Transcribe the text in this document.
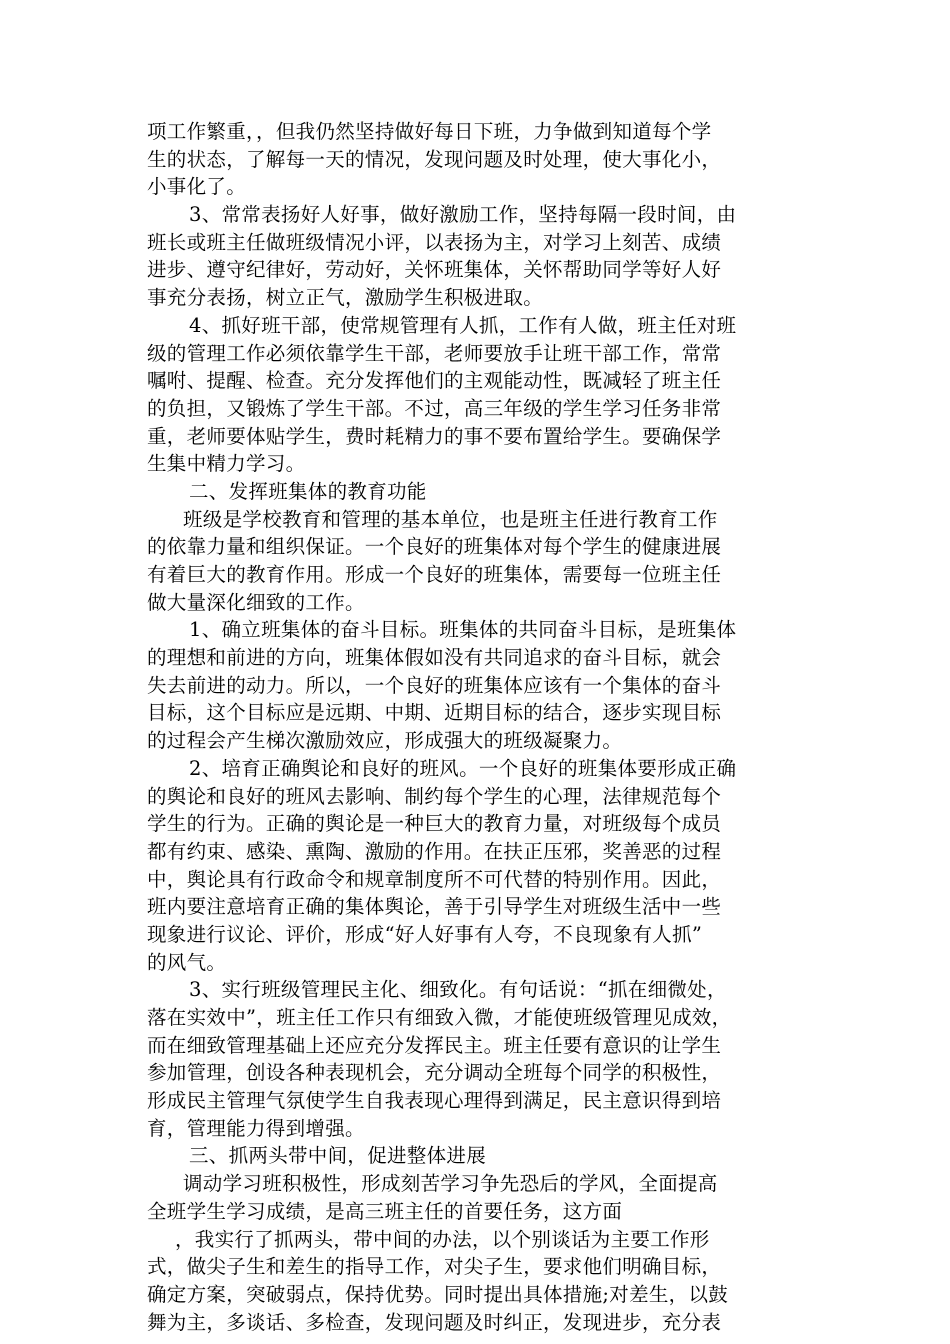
项工作繁重，，但我仍然坚持做好每日下班，力争做到知道每个学
生的状态，了解每一天的情况，发现问题及时处理，使大事化小，
小事化了。
3、常常表扬好人好事，做好激励工作，坚持每隔一段时间，由
班长或班主任做班级情况小评，以表扬为主，对学习上刻苦、成绩
进步、遵守纪律好，劳动好，关怀班集体，关怀帮助同学等好人好
事充分表扬，树立正气，激励学生积极进取。
4、抓好班干部，使常规管理有人抓，工作有人做，班主任对班
级的管理工作必须依靠学生干部，老师要放手让班干部工作，常常
嘱咐、提醒、检查。充分发挥他们的主观能动性，既减轻了班主任
的负担，又锻炼了学生干部。不过，高三年级的学生学习任务非常
重，老师要体贴学生，费时耗精力的事不要布置给学生。要确保学
生集中精力学习。
二、发挥班集体的教育功能
班级是学校教育和管理的基本单位，也是班主任进行教育工作
的依靠力量和组织保证。一个良好的班集体对每个学生的健康进展
有着巨大的教育作用。形成一个良好的班集体，需要每一位班主任
做大量深化细致的工作。
1、确立班集体的奋斗目标。班集体的共同奋斗目标，是班集体
的理想和前进的方向，班集体假如没有共同追求的奋斗目标，就会
失去前进的动力。所以，一个良好的班集体应该有一个集体的奋斗
目标，这个目标应是远期、中期、近期目标的结合，逐步实现目标
的过程会产生梯次激励效应，形成强大的班级凝聚力。
2、培育正确舆论和良好的班风。一个良好的班集体要形成正确
的舆论和良好的班风去影响、制约每个学生的心理，法律规范每个
学生的行为。正确的舆论是一种巨大的教育力量，对班级每个成员
都有约束、感染、熏陶、激励的作用。在扶正压邪，奖善恶的过程
中，舆论具有行政命令和规章制度所不可代替的特别作用。因此，
班内要注意培育正确的集体舆论，善于引导学生对班级生活中一些
现象进行议论、评价，形成“好人好事有人夸，不良现象有人抓”
的风气。
3、实行班级管理民主化、细致化。有句话说：“抓在细微处，
落在实效中”，班主任工作只有细致入微，才能使班级管理见成效，
而在细致管理基础上还应充分发挥民主。班主任要有意识的让学生
参加管理，创设各种表现机会，充分调动全班每个同学的积极性，
形成民主管理气氛使学生自我表现心理得到满足，民主意识得到培
育，管理能力得到增强。
三、抓两头带中间，促进整体进展
调动学习班积极性，形成刻苦学习争先恐后的学风，全面提高
全班学生学习成绩，是高三班主任的首要任务，这方面
，我实行了抓两头，带中间的办法，以个别谈话为主要工作形
式，做尖子生和差生的指导工作，对尖子生，要求他们明确目标，
确定方案，突破弱点，保持优势。同时提出具体措施;对差生，以鼓
舞为主，多谈话、多检查，发现问题及时纠正，发现进步，充分表
